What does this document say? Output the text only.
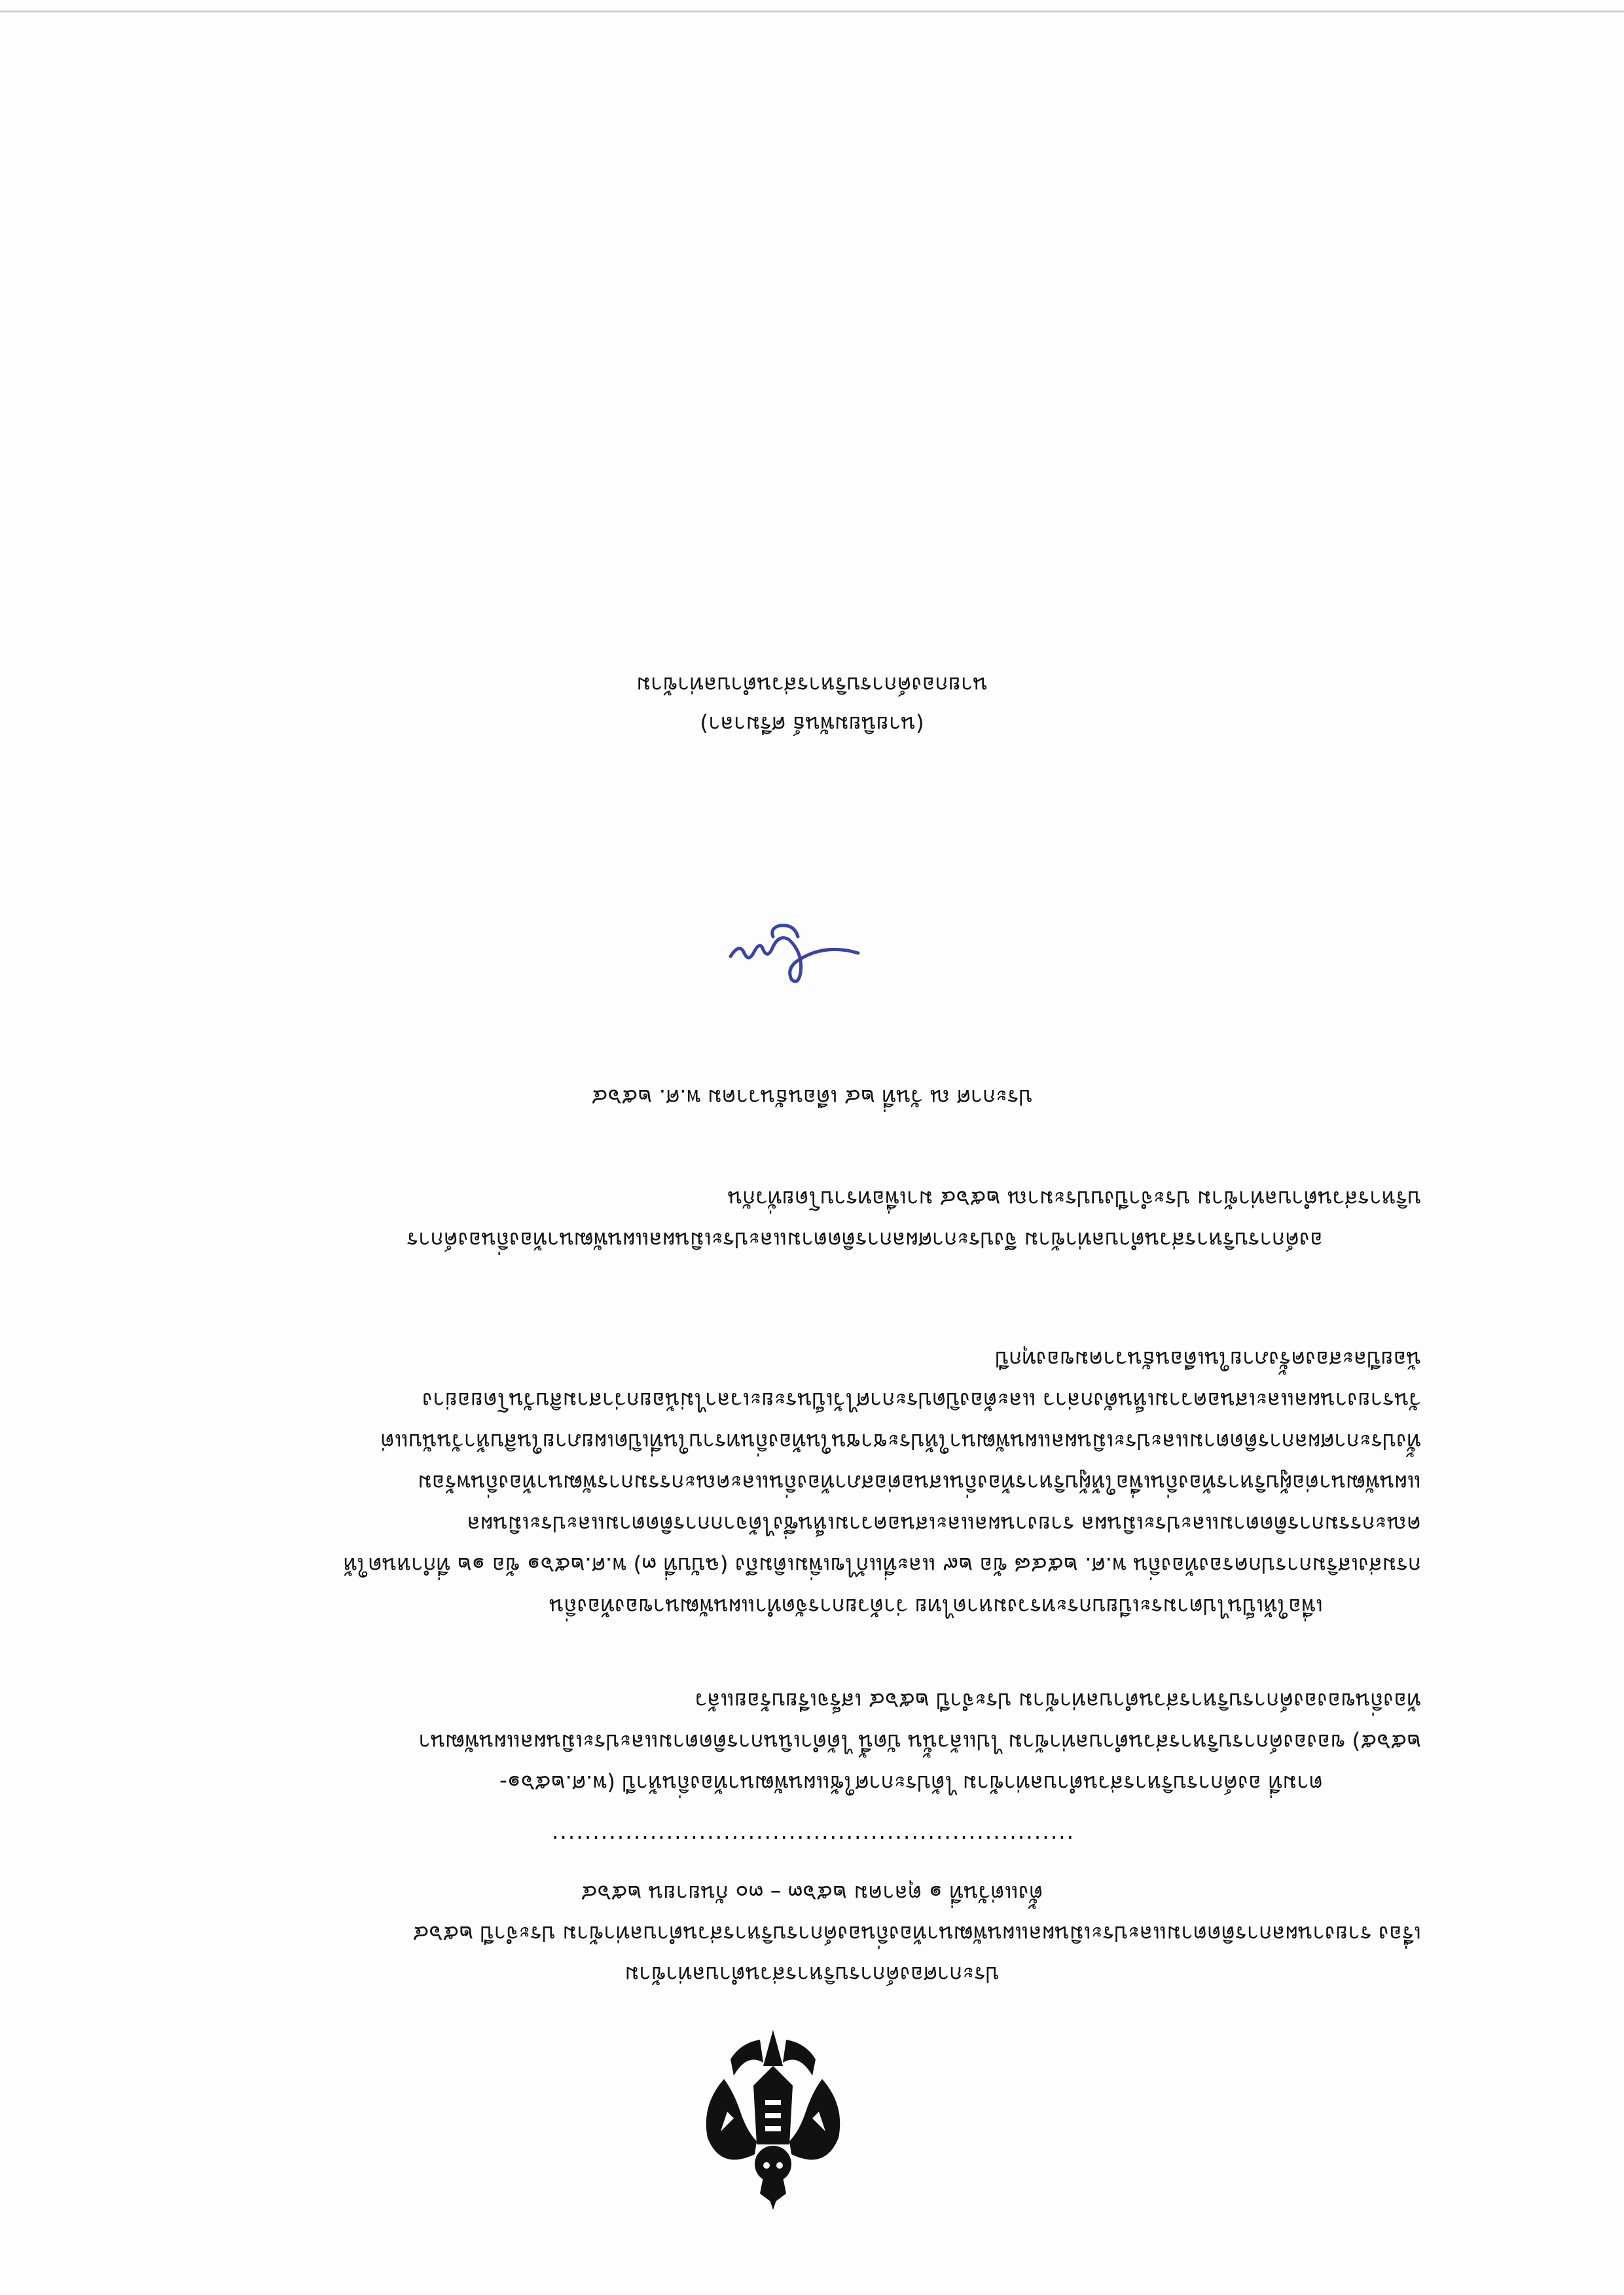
ประกาศองค์การบริหารส่วนตำบลท่าข้าม
เรื่อง รายงานผลการติดตามและประเมินผลแผนพัฒนาท้องถิ่นองค์การบริหารส่วนตำบลท่าข้าม ประจำปี ๒๕๖๔
ตั้งแต่วันที่ ๑ ตุลาคม ๒๕๖๓ – ๓๐ กันยายน ๒๕๖๔
................................................................

ตามที่ องค์การบริหารส่วนตำบลท่าข้าม ได้ประกาศใช้แผนพัฒนาท้องถิ่นห้าปี (พ.ศ.๒๕๖๑-

๒๕๖๕) ขององค์การบริหารส่วนตำบลท่าข้าม ไปแล้วนั้น บัดนี้ ได้ดำเนินการติดตามและประเมินผลแผนพัฒนา

ท้องถิ่นขององค์การบริหารส่วนตำบลท่าข้าม ประจำปี ๒๕๖๔ เสร็จเรียบร้อยแล้ว

เพื่อให้เป็นไปตามระเบียบกระทรวงมหาดไทย ว่าด้วยการจัดทำแผนพัฒนาของท้องถิ่น

กรมส่งเสริมการปกครองท้องถิ่น พ.ศ. ๒๕๔๘ ข้อ ๒๙ และที่แก้ไขเพิ่มเติมถึง (ฉบับที่ ๓) พ.ศ.๒๕๖๑ ข้อ ๑๒ ที่กำหนดให้

คณะกรรมการติดตามและประเมินผล รายงานผลและเสนอความเห็นซึ่งได้จากการติดตามและประเมินผล

แผนพัฒนาต่อผู้บริหารท้องถิ่นเพื่อให้ผู้บริหารท้องถิ่นเสนอต่อสภาท้องถิ่นและคณะกรรมการพัฒนาท้องถิ่นพร้อม

ทั้งประกาศผลการติดตามและประเมินผลแผนพัฒนาให้ประชาชนในท้องถิ่นทราบในที่เปิดเผยภายในสิบห้าวันนับแต่

วันรายงานผลและเสนอความเห็นดังกล่าว และต้องปิดประกาศไว้เป็นระยะเวลาไม่น้อยกว่าสามสิบวันโดยอย่าง

น้อยปีละสองครั้งภายในเดือนธันวาคมของทุกปี

องค์การบริหารส่วนตำบลท่าข้าม จึงประกาศผลการติดตามและประเมินผลแผนพัฒนาท้องถิ่นองค์การ

บริหารส่วนตำบลท่าข้าม ประจำปีงบประมาณ ๒๕๖๔ มาเพื่อทราบโดยทั่วกัน

ประกาศ ณ วันที่ ๒๔ เดือนธันวาคม พ.ศ. ๒๕๖๔
(นายนิยมพันธ์ ศรีมาลา)
นายกองค์การบริหารส่วนตำบลท่าข้าม
